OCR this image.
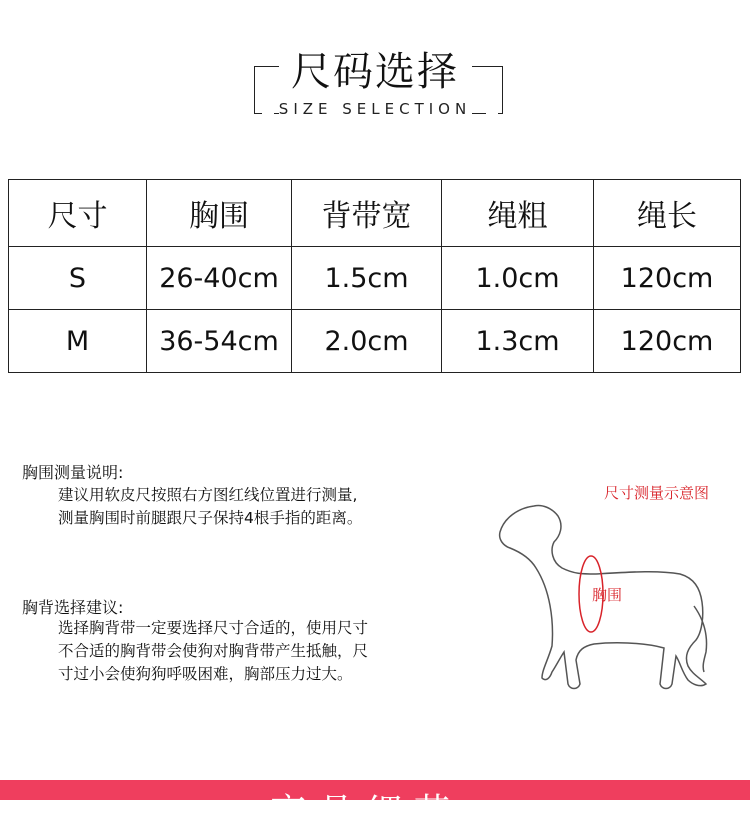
尺码选择
SIZE SELECTION
尺寸	胸围	背带宽	绳粗	绳长
S	26-40cm	1.5cm	1.0cm	120cm
M	36-54cm	2.0cm	1.3cm	120cm
胸围测量说明:
建议用软皮尺按照右方图红线位置进行测量,
测量胸围时前腿跟尺子保持4根手指的距离。
胸背选择建议:
选择胸背带一定要选择尺寸合适的，使用尺寸
不合适的胸背带会使狗对胸背带产生抵触，尺
寸过小会使狗狗呼吸困难，胸部压力过大。
尺寸测量示意图
胸围
产品细节
